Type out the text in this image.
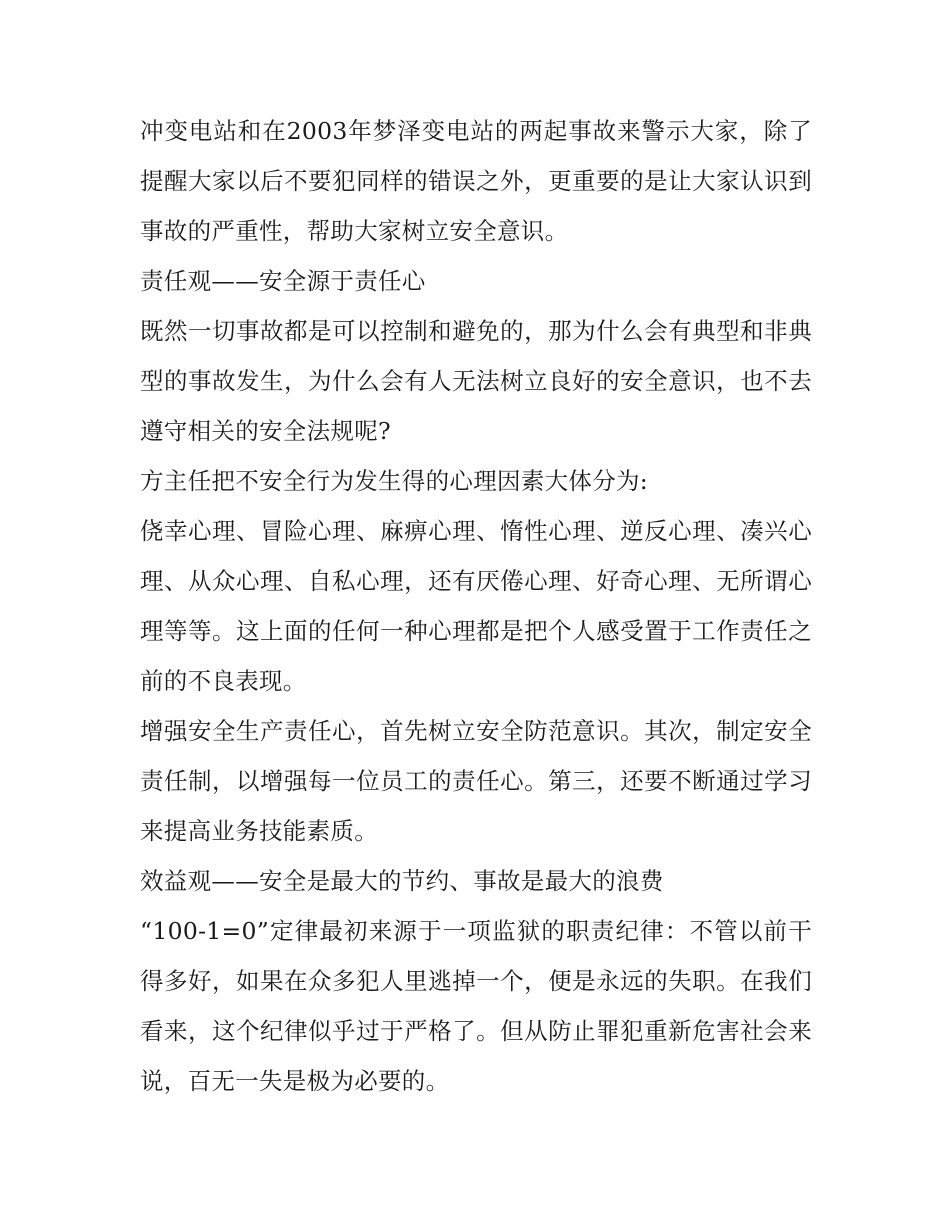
冲变电站和在2003年梦泽变电站的两起事故来警示大家，除了提醒大家以后不要犯同样的错误之外，更重要的是让大家认识到事故的严重性，帮助大家树立安全意识。

责任观——安全源于责任心

既然一切事故都是可以控制和避免的，那为什么会有典型和非典型的事故发生，为什么会有人无法树立良好的安全意识，也不去遵守相关的安全法规呢?

方主任把不安全行为发生得的心理因素大体分为:

侥幸心理、冒险心理、麻痹心理、惰性心理、逆反心理、凑兴心理、从众心理、自私心理，还有厌倦心理、好奇心理、无所谓心理等等。这上面的任何一种心理都是把个人感受置于工作责任之前的不良表现。

增强安全生产责任心，首先树立安全防范意识。其次，制定安全责任制，以增强每一位员工的责任心。第三，还要不断通过学习来提高业务技能素质。

效益观——安全是最大的节约、事故是最大的浪费

“100-1=0”定律最初来源于一项监狱的职责纪律：不管以前干得多好，如果在众多犯人里逃掉一个，便是永远的失职。在我们看来，这个纪律似乎过于严格了。但从防止罪犯重新危害社会来说，百无一失是极为必要的。
